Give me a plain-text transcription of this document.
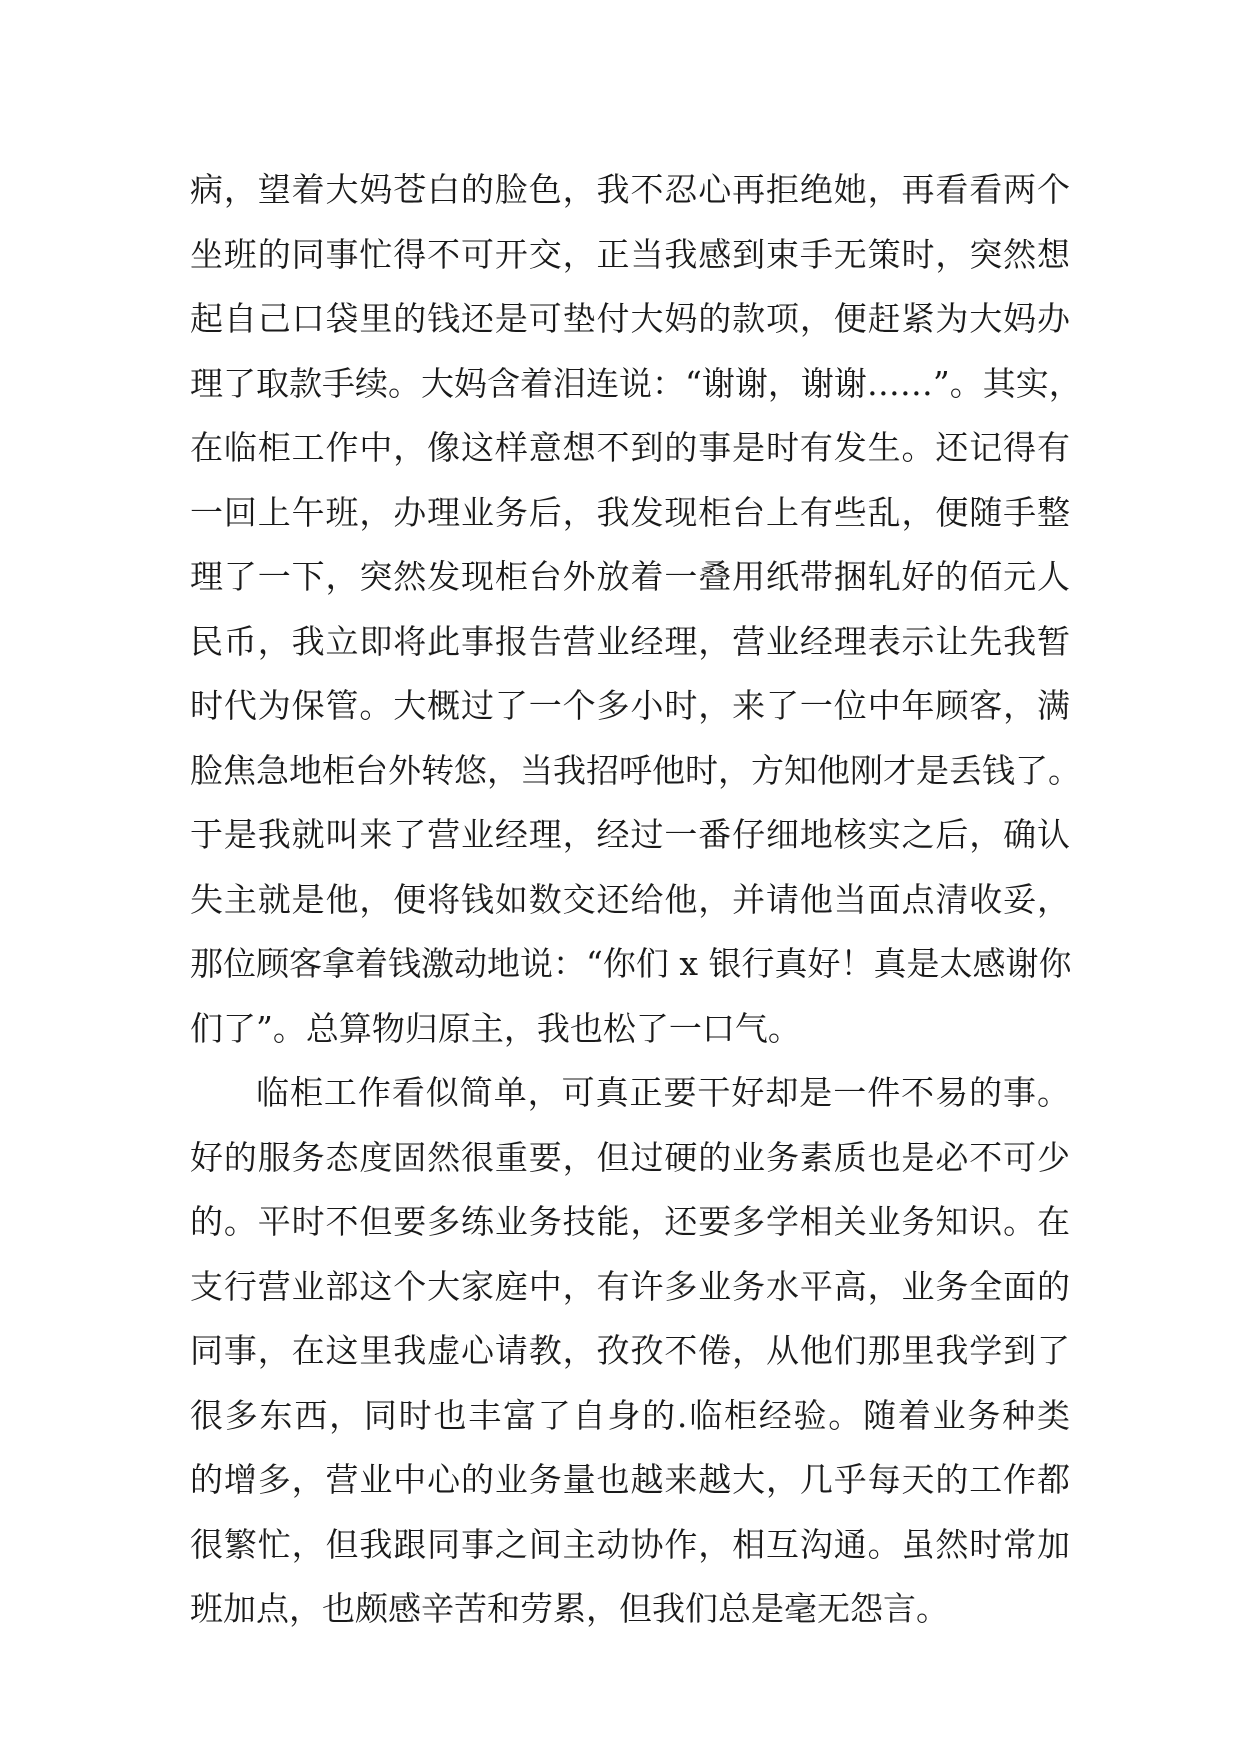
病，望着大妈苍白的脸色，我不忍心再拒绝她，再看看两个
坐班的同事忙得不可开交，正当我感到束手无策时，突然想
起自己口袋里的钱还是可垫付大妈的款项，便赶紧为大妈办
理了取款手续。大妈含着泪连说：“谢谢，谢谢……”。其实，
在临柜工作中，像这样意想不到的事是时有发生。还记得有
一回上午班，办理业务后，我发现柜台上有些乱，便随手整
理了一下，突然发现柜台外放着一叠用纸带捆轧好的佰元人
民币，我立即将此事报告营业经理，营业经理表示让先我暂
时代为保管。大概过了一个多小时，来了一位中年顾客，满
脸焦急地柜台外转悠，当我招呼他时，方知他刚才是丢钱了。
于是我就叫来了营业经理，经过一番仔细地核实之后，确认
失主就是他，便将钱如数交还给他，并请他当面点清收妥，
那位顾客拿着钱激动地说：“你们 x 银行真好！真是太感谢你
们了”。总算物归原主，我也松了一口气。
临柜工作看似简单，可真正要干好却是一件不易的事。
好的服务态度固然很重要，但过硬的业务素质也是必不可少
的。平时不但要多练业务技能，还要多学相关业务知识。在
支行营业部这个大家庭中，有许多业务水平高，业务全面的
同事，在这里我虚心请教，孜孜不倦，从他们那里我学到了
很多东西，同时也丰富了自身的.临柜经验。随着业务种类
的增多，营业中心的业务量也越来越大，几乎每天的工作都
很繁忙，但我跟同事之间主动协作，相互沟通。虽然时常加
班加点，也颇感辛苦和劳累，但我们总是毫无怨言。
